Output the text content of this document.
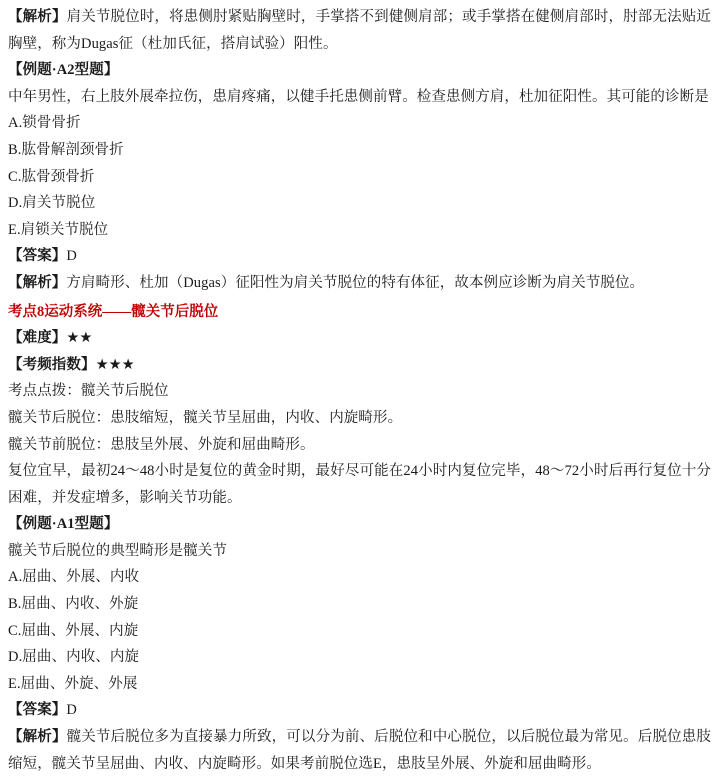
【解析】肩关节脱位时，将患侧肘紧贴胸壁时，手掌搭不到健侧肩部；或手掌搭在健侧肩部时，肘部无法贴近胸壁，称为Dugas征（杜加氏征，搭肩试验）阳性。
【例题·A2型题】
中年男性，右上肢外展牵拉伤，患肩疼痛，以健手托患侧前臂。检查患侧方肩，杜加征阳性。其可能的诊断是
A.锁骨骨折
B.肱骨解剖颈骨折
C.肱骨颈骨折
D.肩关节脱位
E.肩锁关节脱位
【答案】D
【解析】方肩畸形、杜加（Dugas）征阳性为肩关节脱位的特有体征，故本例应诊断为肩关节脱位。
考点8运动系统——髋关节后脱位
【难度】★★
【考频指数】★★★
考点点拨：髋关节后脱位
髋关节后脱位：患肢缩短，髋关节呈屈曲，内收、内旋畸形。
髋关节前脱位：患肢呈外展、外旋和屈曲畸形。
复位宜早，最初24～48小时是复位的黄金时期，最好尽可能在24小时内复位完毕，48～72小时后再行复位十分困难，并发症增多，影响关节功能。
【例题·A1型题】
髋关节后脱位的典型畸形是髋关节
A.屈曲、外展、内收
B.屈曲、内收、外旋
C.屈曲、外展、内旋
D.屈曲、内收、内旋
E.屈曲、外旋、外展
【答案】D
【解析】髋关节后脱位多为直接暴力所致，可以分为前、后脱位和中心脱位，以后脱位最为常见。后脱位患肢缩短，髋关节呈屈曲、内收、内旋畸形。如果考前脱位选E，患肢呈外展、外旋和屈曲畸形。
